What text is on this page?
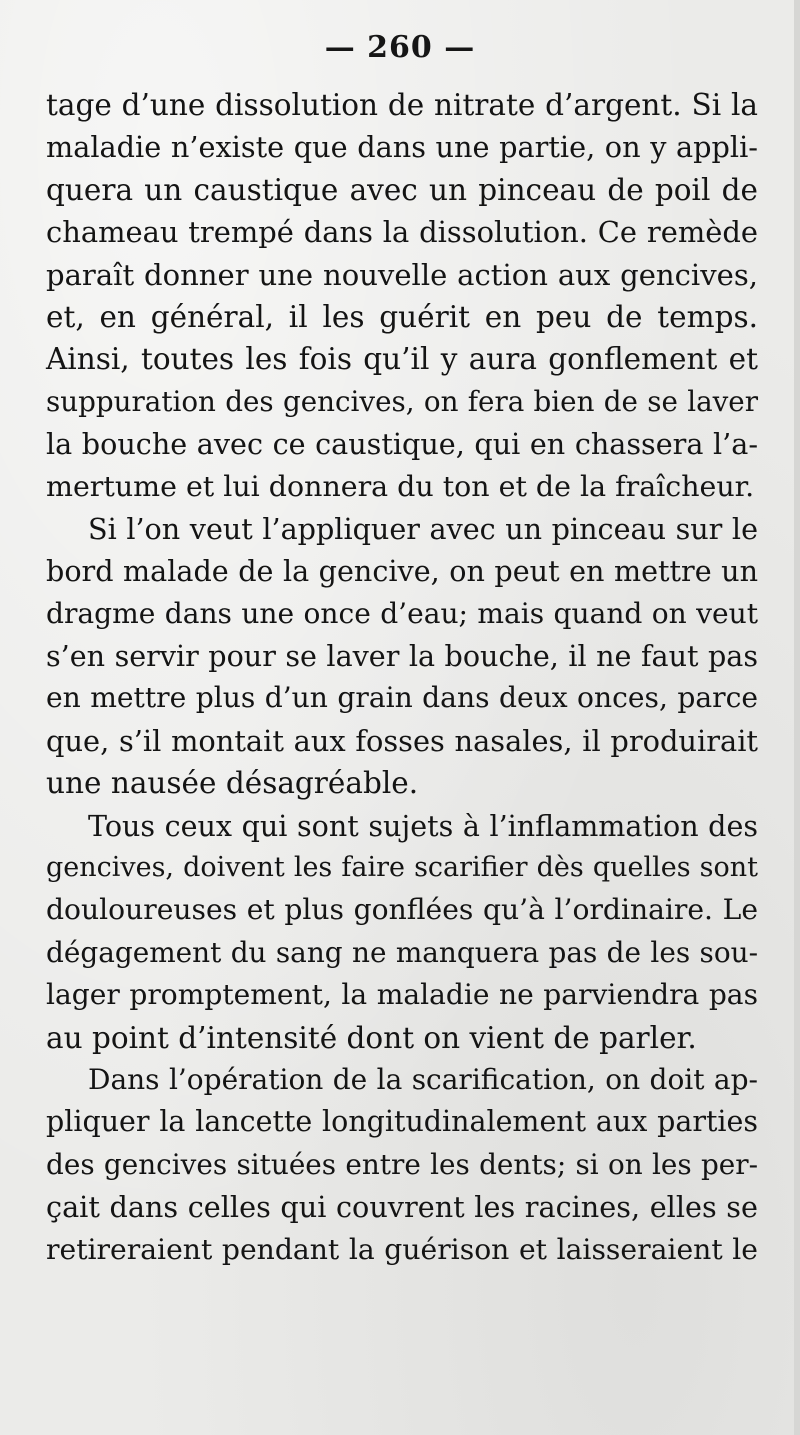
— 260 —
tage d’une dissolution de nitrate d’argent. Si la
maladie n’existe que dans une partie, on y appli-
quera un caustique avec un pinceau de poil de
chameau trempé dans la dissolution. Ce remède
paraît donner une nouvelle action aux gencives,
et, en général, il les guérit en peu de temps.
Ainsi, toutes les fois qu’il y aura gonflement et
suppuration des gencives, on fera bien de se laver
la bouche avec ce caustique, qui en chassera l’a-
mertume et lui donnera du ton et de la fraîcheur.
Si l’on veut l’appliquer avec un pinceau sur le
bord malade de la gencive, on peut en mettre un
dragme dans une once d’eau; mais quand on veut
s’en servir pour se laver la bouche, il ne faut pas
en mettre plus d’un grain dans deux onces, parce
que, s’il montait aux fosses nasales, il produirait
une nausée désagréable.
Tous ceux qui sont sujets à l’inflammation des
gencives, doivent les faire scarifier dès quelles sont
douloureuses et plus gonflées qu’à l’ordinaire. Le
dégagement du sang ne manquera pas de les sou-
lager promptement, la maladie ne parviendra pas
au point d’intensité dont on vient de parler.
Dans l’opération de la scarification, on doit ap-
pliquer la lancette longitudinalement aux parties
des gencives situées entre les dents; si on les per-
çait dans celles qui couvrent les racines, elles se
retireraient pendant la guérison et laisseraient le
